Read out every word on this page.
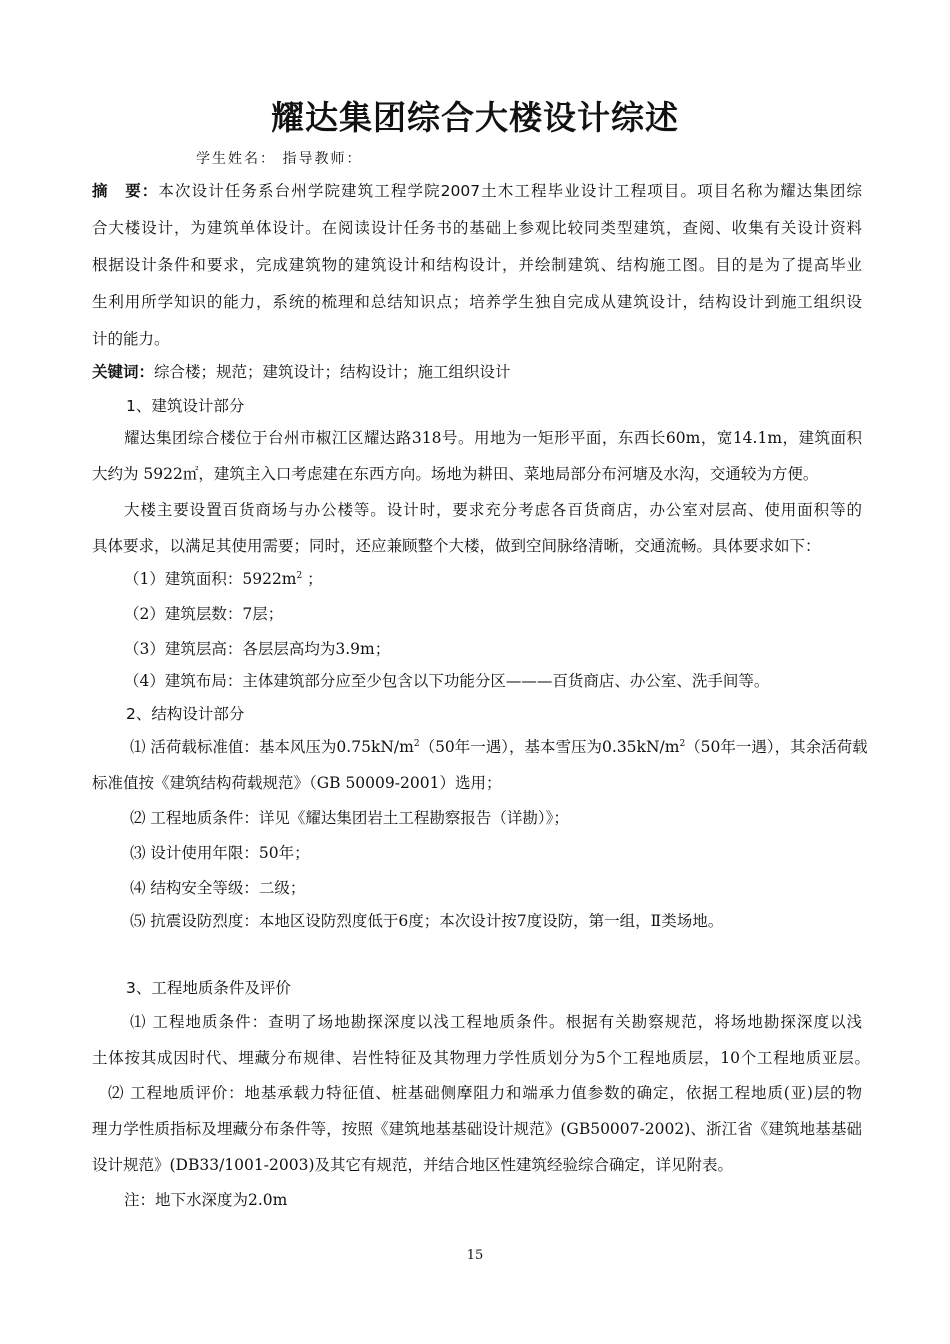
耀达集团综合大楼设计综述
学生姓名： 指导教师：
摘　要：本次设计任务系台州学院建筑工程学院2007土木工程毕业设计工程项目。项目名称为耀达集团综
合大楼设计，为建筑单体设计。在阅读设计任务书的基础上参观比较同类型建筑，查阅、收集有关设计资料
根据设计条件和要求，完成建筑物的建筑设计和结构设计，并绘制建筑、结构施工图。目的是为了提高毕业
生利用所学知识的能力，系统的梳理和总结知识点；培养学生独自完成从建筑设计，结构设计到施工组织设
计的能力。
关键词：综合楼；规范；建筑设计；结构设计；施工组织设计
1、建筑设计部分
耀达集团综合楼位于台州市椒江区耀达路318号。用地为一矩形平面，东西长60m，宽14.1m，建筑面积
大约为 5922㎡，建筑主入口考虑建在东西方向。场地为耕田、菜地局部分布河塘及水沟，交通较为方便。
大楼主要设置百货商场与办公楼等。设计时，要求充分考虑各百货商店，办公室对层高、使用面积等的
具体要求，以满足其使用需要；同时，还应兼顾整个大楼，做到空间脉络清晰，交通流畅。具体要求如下：
（1）建筑面积：$5922m^2$ ；
（2）建筑层数：7层；
（3）建筑层高：各层层高均为3.9m；
（4）建筑布局：主体建筑部分应至少包含以下功能分区———百货商店、办公室、洗手间等。
2、结构设计部分
⑴ 活荷载标准值：基本风压为$0.75kN/m^2(50$年一遇），基本雪压为$0.35kN/m^2(50$年一遇），其余活荷载
标准值按《建筑结构荷载规范》（GB 50009-2001）选用；
⑵ 工程地质条件：详见《耀达集团岩土工程勘察报告（详勘）》；
⑶ 设计使用年限：50年；
⑷ 结构安全等级：二级；
⑸ 抗震设防烈度：本地区设防烈度低于6度；本次设计按7度设防，第一组，Ⅱ类场地。
3、工程地质条件及评价
⑴ 工程地质条件：查明了场地勘探深度以浅工程地质条件。根据有关勘察规范，将场地勘探深度以浅
土体按其成因时代、埋藏分布规律、岩性特征及其物理力学性质划分为5个工程地质层，10个工程地质亚层。
⑵ 工程地质评价：地基承载力特征值、桩基础侧摩阻力和端承力值参数的确定，依据工程地质(亚)层的物
理力学性质指标及埋藏分布条件等，按照《建筑地基基础设计规范》(GB50007-2002)、浙江省《建筑地基基础
设计规范》(DB33/1001-2003)及其它有规范，并结合地区性建筑经验综合确定，详见附表。
注：地下水深度为2.0m
15
